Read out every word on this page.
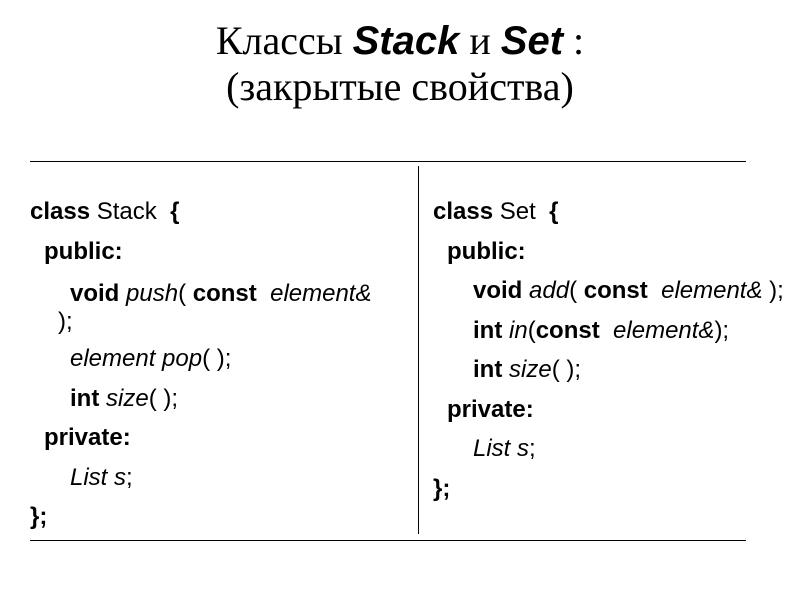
Классы Stack и Set :
(закрытые свойства)
class Stack {
public:
void push( const element&
);
element pop( );
int size( );
private:
List s;
};
class Set {
public:
void add( const element& );
int in(const element&);
int size( );
private:
List s;
};
